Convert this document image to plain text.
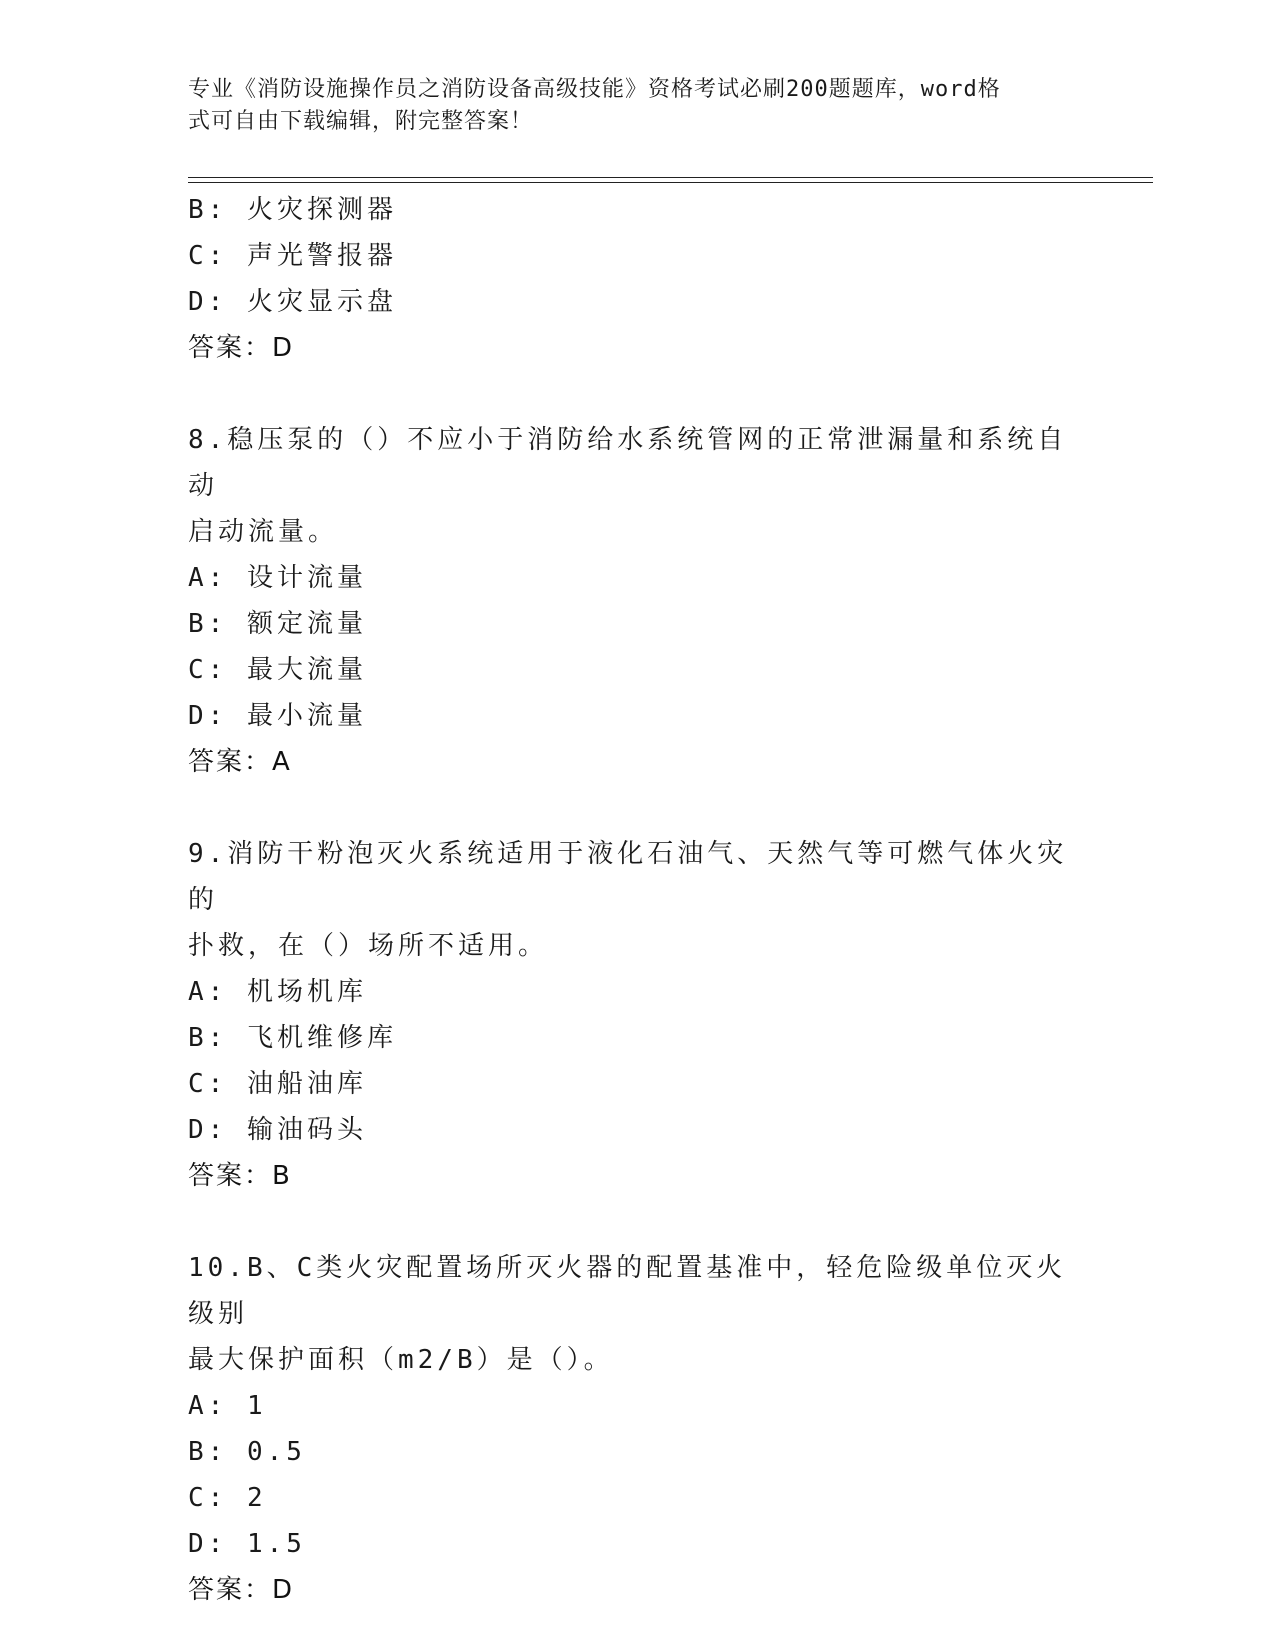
专业《消防设施操作员之消防设备高级技能》资格考试必刷200题题库，word格
式可自由下载编辑，附完整答案！
B: 火灾探测器
C: 声光警报器
D: 火灾显示盘
答案：D
8.稳压泵的（）不应小于消防给水系统管网的正常泄漏量和系统自动
启动流量。
A: 设计流量
B: 额定流量
C: 最大流量
D: 最小流量
答案：A
9.消防干粉泡灭火系统适用于液化石油气、天然气等可燃气体火灾的
扑救，在（）场所不适用。
A: 机场机库
B: 飞机维修库
C: 油船油库
D: 输油码头
答案：B
10.B、C类火灾配置场所灭火器的配置基准中，轻危险级单位灭火级别
最大保护面积（m2/B）是（）。
A: 1
B: 0.5
C: 2
D: 1.5
答案：D
